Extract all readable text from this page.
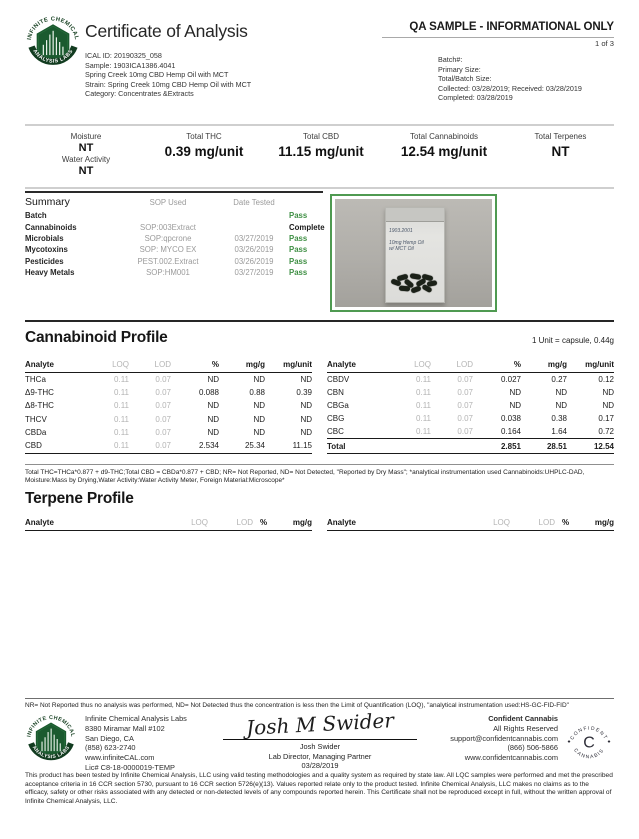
Certificate of Analysis
ICAL ID: 20190325_058
Sample: 1903ICA1386.4041
Spring Creek 10mg CBD Hemp Oil with MCT
Strain: Spring Creek 10mg CBD Hemp Oil with MCT
Category: Concentrates &Extracts
QA SAMPLE - INFORMATIONAL ONLY
1 of 3
Batch#:
Primary Size:
Total/Batch Size:
Collected: 03/28/2019; Received: 03/28/2019
Completed: 03/28/2019
Moisture
NT
Water Activity
NT
Total THC
0.39 mg/unit
Total CBD
11.15 mg/unit
Total Cannabinoids
12.54 mg/unit
Total Terpenes
NT
Summary	SOP Used	Date Tested	
Batch			Pass
Cannabinoids	SOP:003Extract		Complete
Microbials	SOP:qpcrone	03/27/2019	Pass
Mycotoxins	SOP: MYCO EX	03/26/2019	Pass
Pesticides	PEST.002.Extract	03/26/2019	Pass
Heavy Metals	SOP:HM001	03/27/2019	Pass
1903.2001
10mg Hemp Oil
w/ MCT Oil
Cannabinoid Profile	1 Unit = capsule, 0.44g
Analyte	LOQ	LOD	%	mg/g	mg/unit
THCa	0.11	0.07	ND	ND	ND
Δ9-THC	0.11	0.07	0.088	0.88	0.39
Δ8-THC	0.11	0.07	ND	ND	ND
THCV	0.11	0.07	ND	ND	ND
CBDa	0.11	0.07	ND	ND	ND
CBD	0.11	0.07	2.534	25.34	11.15
Analyte	LOQ	LOD	%	mg/g	mg/unit
CBDV	0.11	0.07	0.027	0.27	0.12
CBN	0.11	0.07	ND	ND	ND
CBGa	0.11	0.07	ND	ND	ND
CBG	0.11	0.07	0.038	0.38	0.17
CBC	0.11	0.07	0.164	1.64	0.72
Total			2.851	28.51	12.54
Total THC=THCa*0.877 + d9-THC;Total CBD = CBDa*0.877 + CBD; NR= Not Reported, ND= Not Detected, "Reported by Dry Mass"; *analytical instrumentation used Cannabinoids:UHPLC-DAD, Moisture:Mass by Drying,Water Activity:Water Activity Meter, Foreign Material:Microscope*
Terpene Profile
Analyte	LOQ	LOD	%	mg/g Analyte	LOQ	LOD	%	mg/g
NR= Not Reported thus no analysis was performed, ND= Not Detected thus the concentration is less then the Limit of Quantification (LOQ), "analytical instrumentation used:HS-GC-FID-FID"
Infinite Chemical Analysis Labs
8380 Miramar Mall #102
San Diego, CA
(858) 623-2740
www.infiniteCAL.com
Lic# C8-18-0000019-TEMP
Josh M Swider
Josh Swider
Lab Director, Managing Partner
03/28/2019
Confident Cannabis
All Rights Reserved
support@confidentcannabis.com
(866) 506-5866
www.confidentcannabis.com
This product has been tested by Infinite Chemical Analysis, LLC using valid testing methodologies and a quality system as required by state law. All LQC samples were performed and met the prescribed acceptance criteria in 16 CCR section 5730, pursuant to 16 CCR section 5726(e)(13). Values reported relate only to the product tested. Infinite Chemical Analysis, LLC makes no claims as to the efficacy, safety or other risks associated with any detected or non-detected levels of any compounds reported herein. This Certificate shall not be reproduced except in full, without the written approval of Infinite Chemical Analysis, LLC.
